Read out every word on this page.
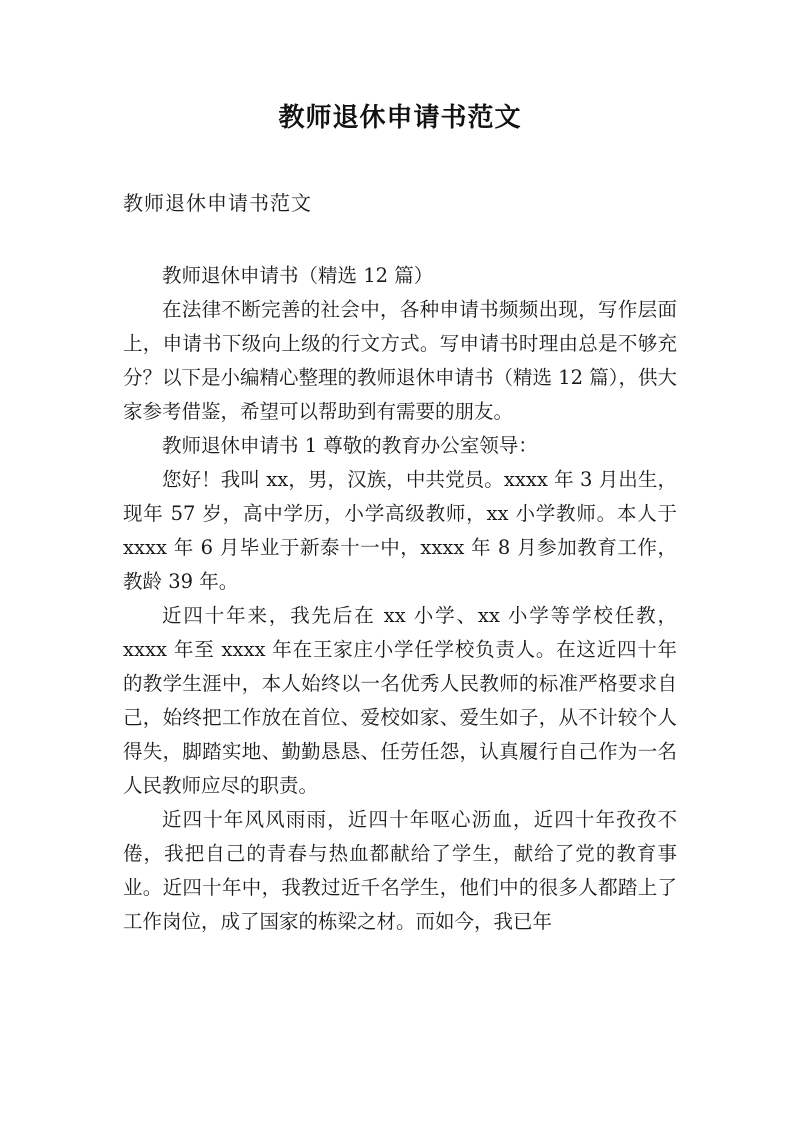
教师退休申请书范文
教师退休申请书范文

教师退休申请书（精选 12 篇）

在法律不断完善的社会中，各种申请书频频出现，写作层面上，申请书下级向上级的行文方式。写申请书时理由总是不够充分？以下是小编精心整理的教师退休申请书（精选 12 篇），供大家参考借鉴，希望可以帮助到有需要的朋友。

教师退休申请书 1 尊敬的教育办公室领导：

您好！我叫 xx，男，汉族，中共党员。xxxx 年 3 月出生，现年 57 岁，高中学历，小学高级教师，xx 小学教师。本人于 xxxx 年 6 月毕业于新泰十一中，xxxx 年 8 月参加教育工作，教龄 39 年。

近四十年来，我先后在 xx 小学、xx 小学等学校任教，xxxx 年至 xxxx 年在王家庄小学任学校负责人。在这近四十年的教学生涯中，本人始终以一名优秀人民教师的标准严格要求自己，始终把工作放在首位、爱校如家、爱生如子，从不计较个人得失，脚踏实地、勤勤恳恳、任劳任怨，认真履行自己作为一名人民教师应尽的职责。

近四十年风风雨雨，近四十年呕心沥血，近四十年孜孜不倦，我把自己的青春与热血都献给了学生，献给了党的教育事业。近四十年中，我教过近千名学生，他们中的很多人都踏上了工作岗位，成了国家的栋梁之材。而如今，我已年
